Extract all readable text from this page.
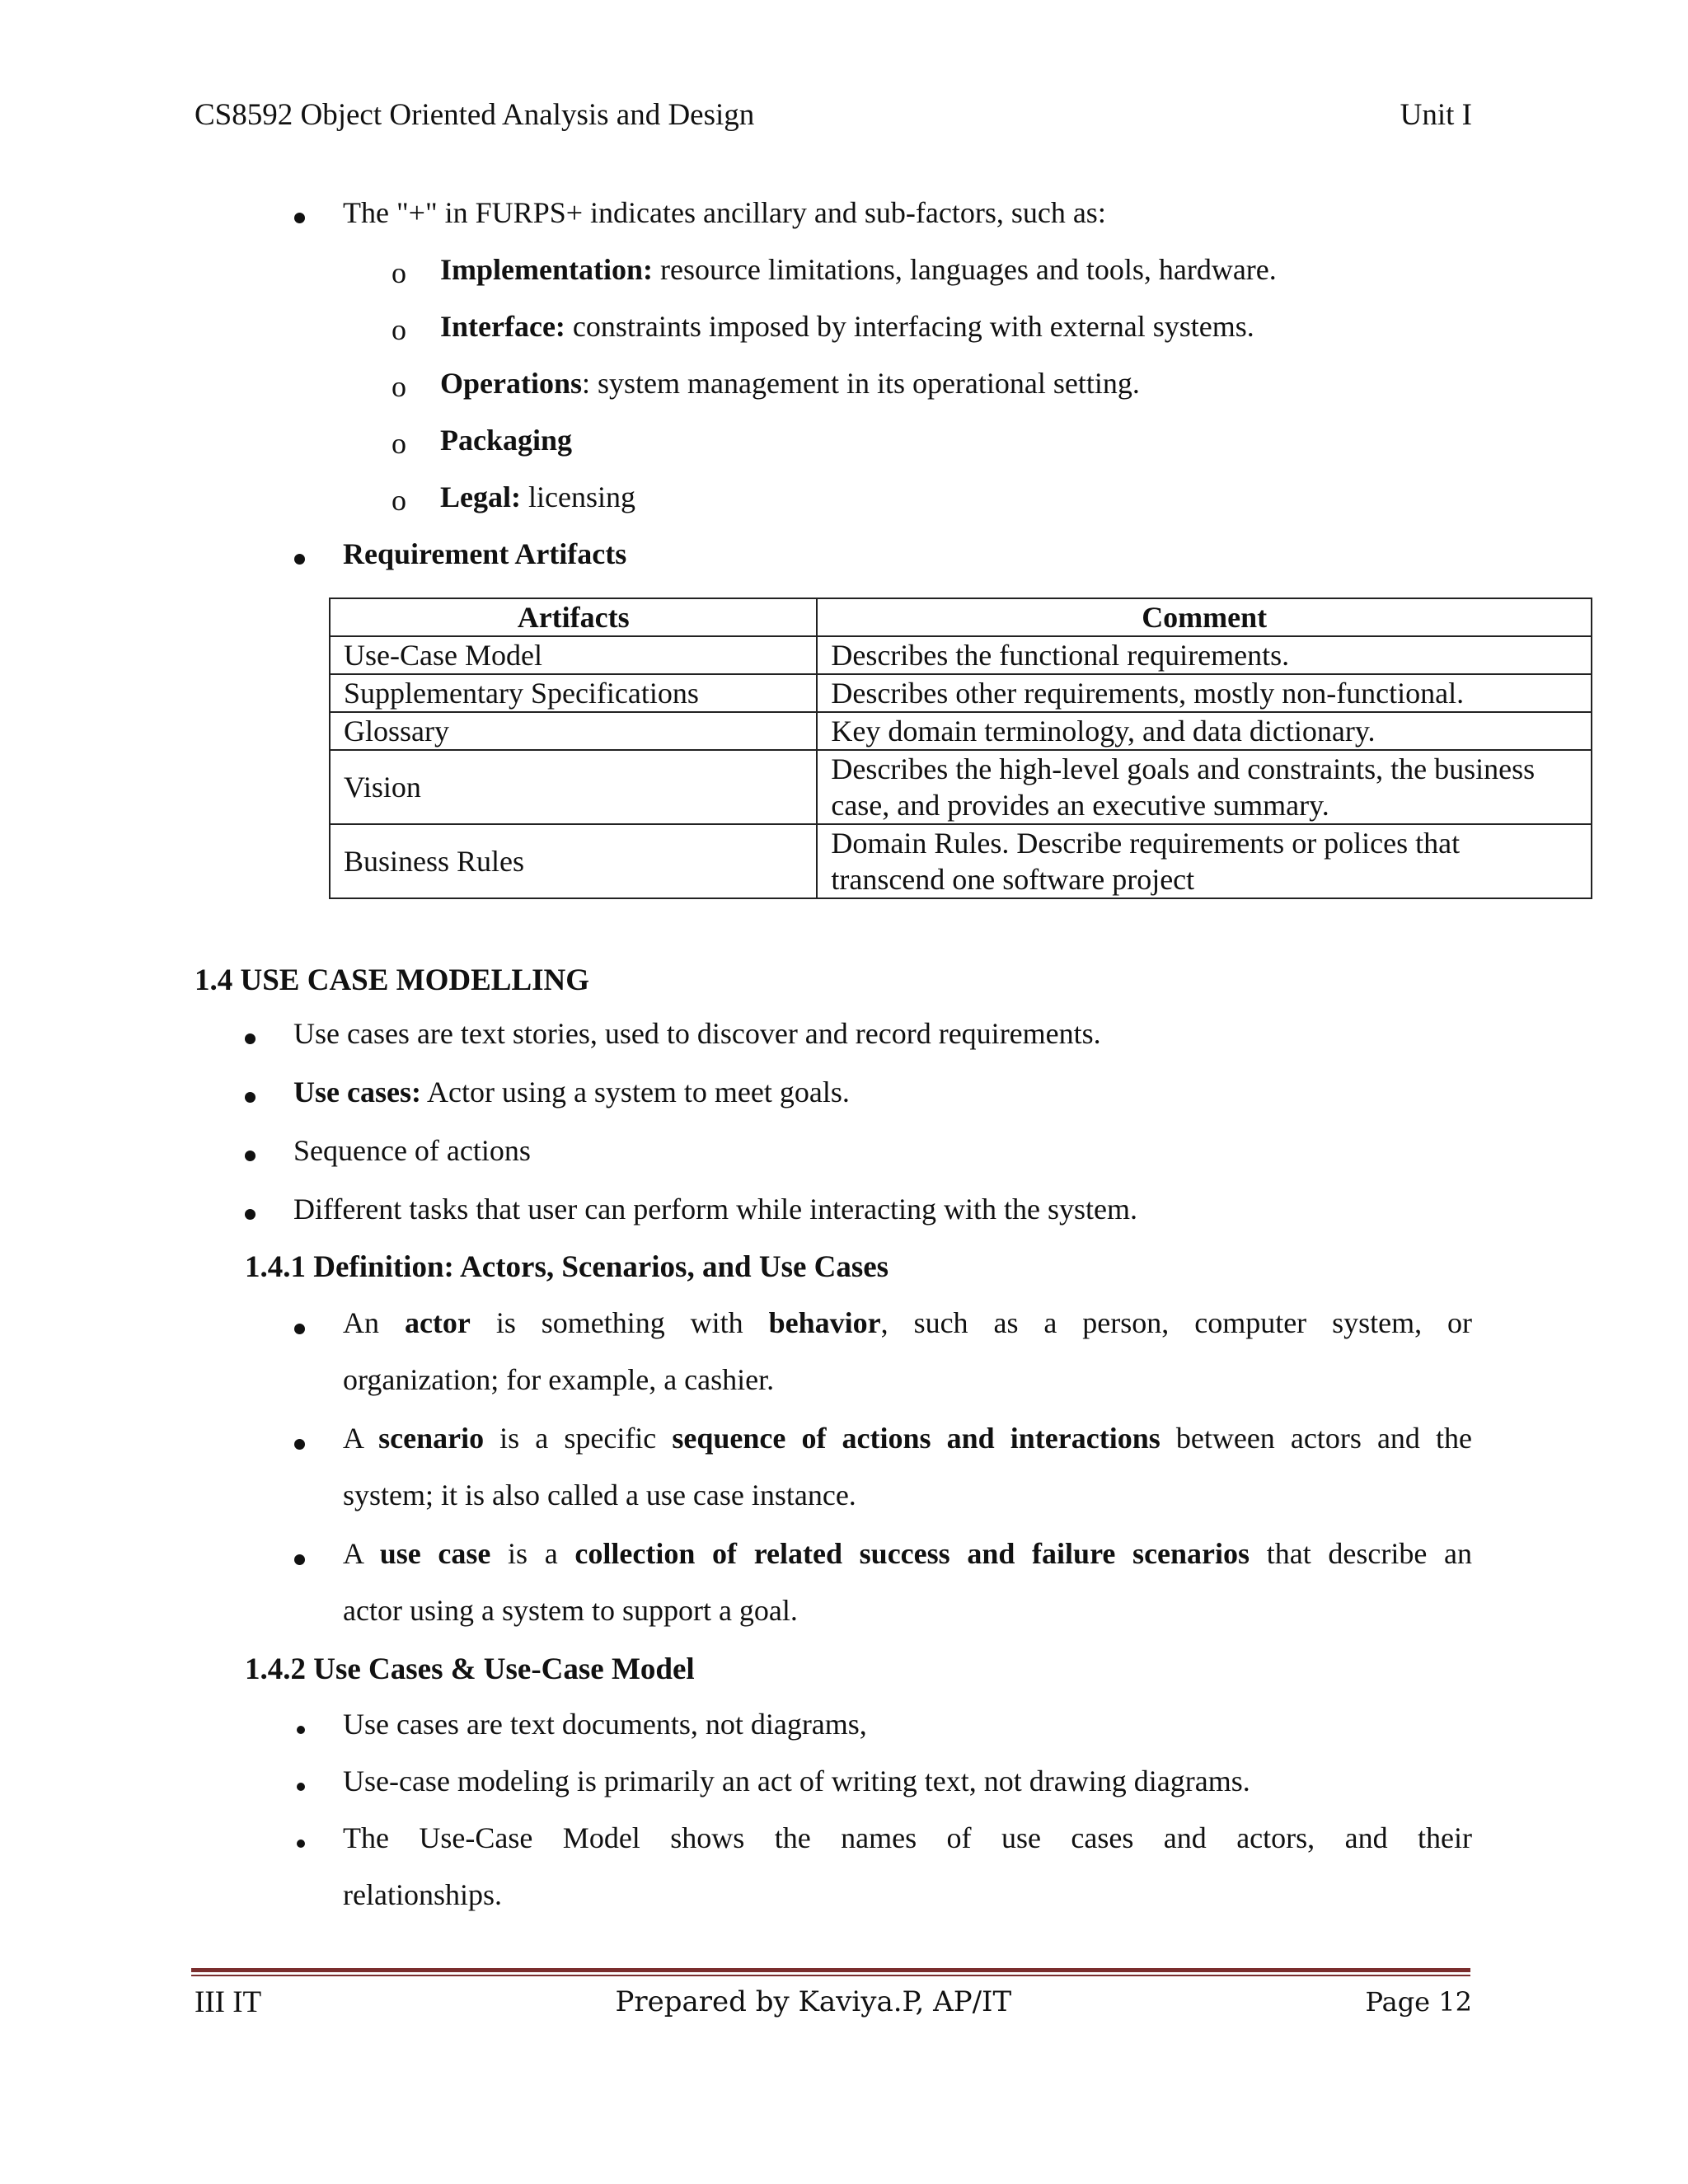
CS8592 Object Oriented Analysis and Design	Unit I
The "+" in FURPS+ indicates ancillary and sub-factors, such as:
o Implementation: resource limitations, languages and tools, hardware.
o Interface: constraints imposed by interfacing with external systems.
o Operations : system management in its operational setting.
o Packaging
o Legal: licensing
Requirement Artifacts
Artifacts	Comment
Use-Case Model	Describes the functional requirements.
Supplementary Specifications	Describes other requirements, mostly non-functional.
Glossary	Key domain terminology, and data dictionary.
Vision	Describes the high-level goals and constraints, the business case, and provides an executive summary.
Business Rules	Domain Rules. Describe requirements or polices that transcend one software project
1.4 USE CASE MODELLING
Use cases are text stories, used to discover and record requirements.
Use cases: Actor using a system to meet goals.
Sequence of actions
Different tasks that user can perform while interacting with the system.
1.4.1 Definition: Actors, Scenarios, and Use Cases
An actor is something with behavior, such as a person, computer system, or
organization; for example, a cashier.
A scenario is a specific sequence of actions and interactions between actors and the
system; it is also called a use case instance.
A use case is a collection of related success and failure scenarios that describe an
actor using a system to support a goal.
1.4.2 Use Cases & Use-Case Model
Use cases are text documents, not diagrams,
Use-case modeling is primarily an act of writing text, not drawing diagrams.
The Use-Case Model shows the names of use cases and actors, and their
relationships.
III IT	Prepared by Kaviya.P, AP/IT	Page 12
